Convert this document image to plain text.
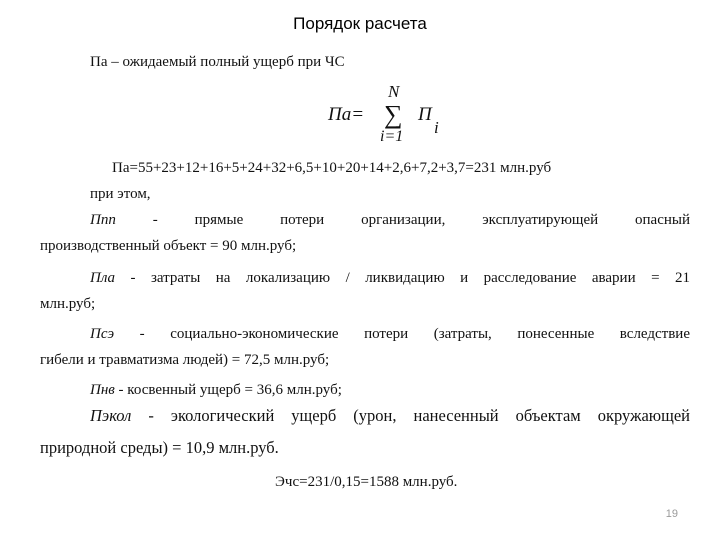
Порядок расчета
Па – ожидаемый полный ущерб при ЧС
Па=
N
∑
i=1
П
i
Па=55+23+12+16+5+24+32+6,5+10+20+14+2,6+7,2+3,7=231 млн.руб
при этом,
Ппп - прямые потери организации, эксплуатирующей опасный
производственный объект = 90 млн.руб;
Пла - затраты на локализацию / ликвидацию и расследование аварии = 21
млн.руб;
Псэ - социально-экономические потери (затраты, понесенные вследствие
гибели и травматизма людей) = 72,5 млн.руб;
Пнв - косвенный ущерб = 36,6 млн.руб;
Пэкол - экологический ущерб (урон, нанесенный объектам окружающей
природной среды) = 10,9 млн.руб.
Эчс=231/0,15=1588 млн.руб.
19
